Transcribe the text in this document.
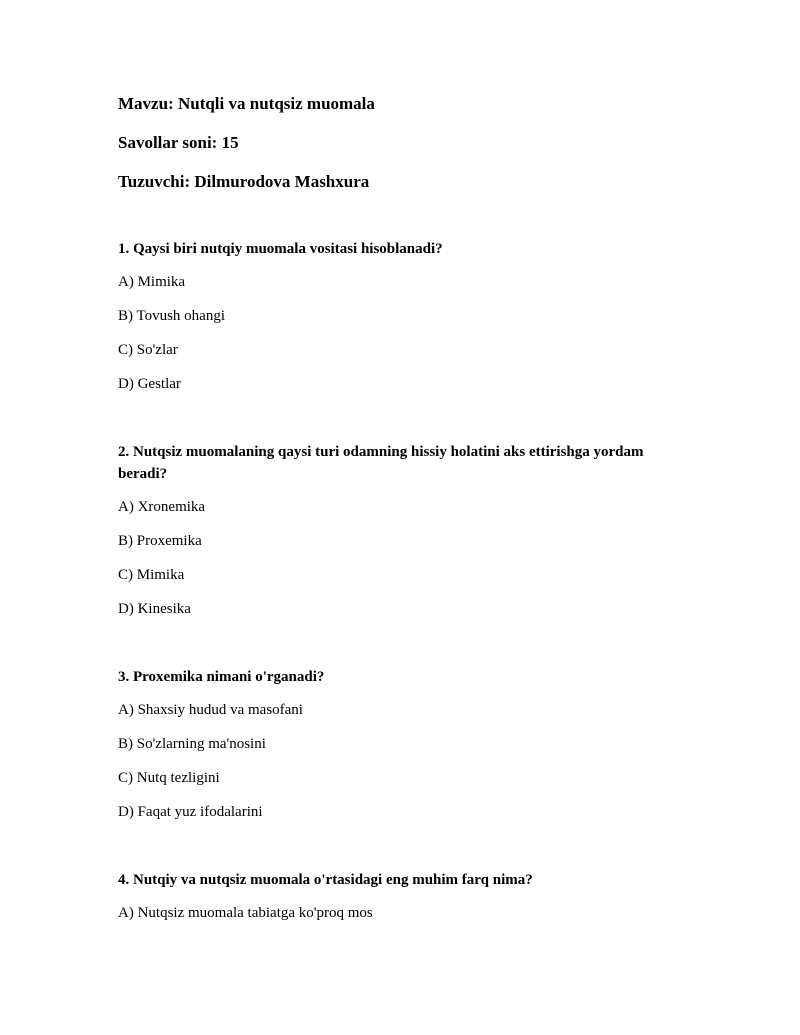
Mavzu: Nutqli va nutqsiz muomala
Savollar soni: 15
Tuzuvchi: Dilmurodova Mashxura
1. Qaysi biri nutqiy muomala vositasi hisoblanadi?
A) Mimika
B) Tovush ohangi
C) So'zlar
D) Gestlar
2. Nutqsiz muomalaning qaysi turi odamning hissiy holatini aks ettirishga yordam beradi?
A) Xronemika
B) Proxemika
C) Mimika
D) Kinesika
3. Proxemika nimani o'rganadi?
A) Shaxsiy hudud va masofani
B) So'zlarning ma'nosini
C) Nutq tezligini
D) Faqat yuz ifodalarini
4. Nutqiy va nutqsiz muomala o'rtasidagi eng muhim farq nima?
A) Nutqsiz muomala tabiatga ko'proq mos
